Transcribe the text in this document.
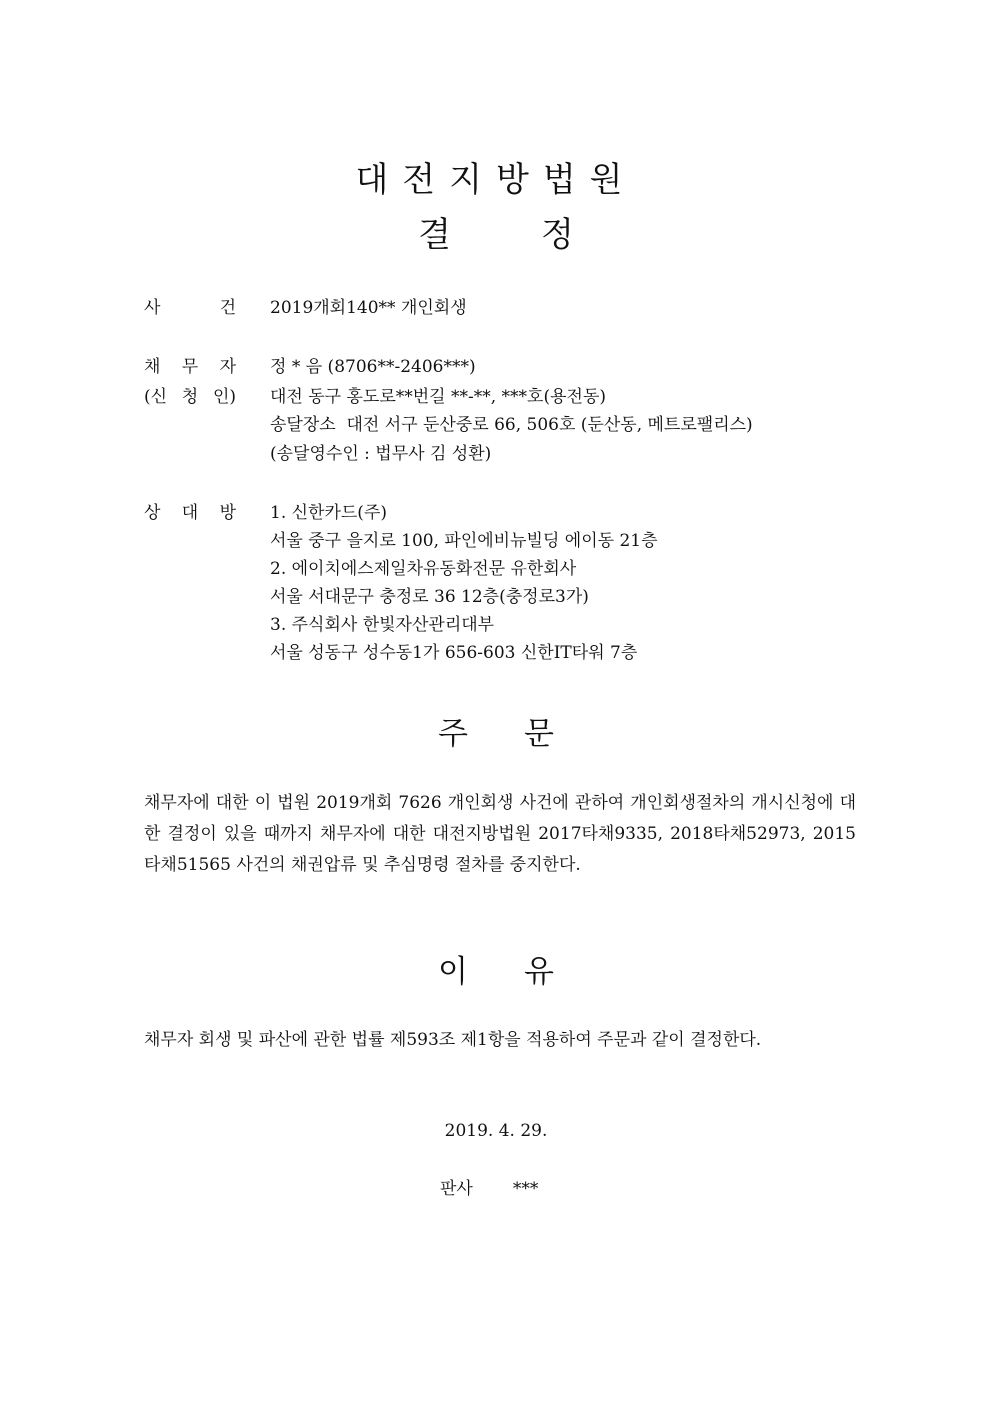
대전지방법원
결	정
사	건 2019개회140** 개인회생
채 무 자 정 * 음 (8706**-2406***)
(신 청 인) 대전 동구 홍도로**번길 **-**, ***호(용전동)
송달장소  대전 서구 둔산중로 66, 506호 (둔산동, 메트로팰리스)
(송달영수인 : 법무사 김 성환)
상 대 방 1. 신한카드(주)
서울 중구 을지로 100, 파인에비뉴빌딩 에이동 21층
2. 에이치에스제일차유동화전문 유한회사
서울 서대문구 충정로 36 12층(충정로3가)
3. 주식회사 한빛자산관리대부
서울 성동구 성수동1가 656-603 신한IT타워 7층
주 문
채무자에 대한 이 법원 2019개회 7626 개인회생 사건에 관하여 개인회생절차의 개시신청에 대한 결정이 있을 때까지 채무자에 대한 대전지방법원 2017타채9335, 2018타채52973, 2015타채51565 사건의 채권압류 및 추심명령 절차를 중지한다.
이 유
채무자 회생 및 파산에 관한 법률 제593조 제1항을 적용하여 주문과 같이 결정한다.
2019. 4. 29.
판사 ***
